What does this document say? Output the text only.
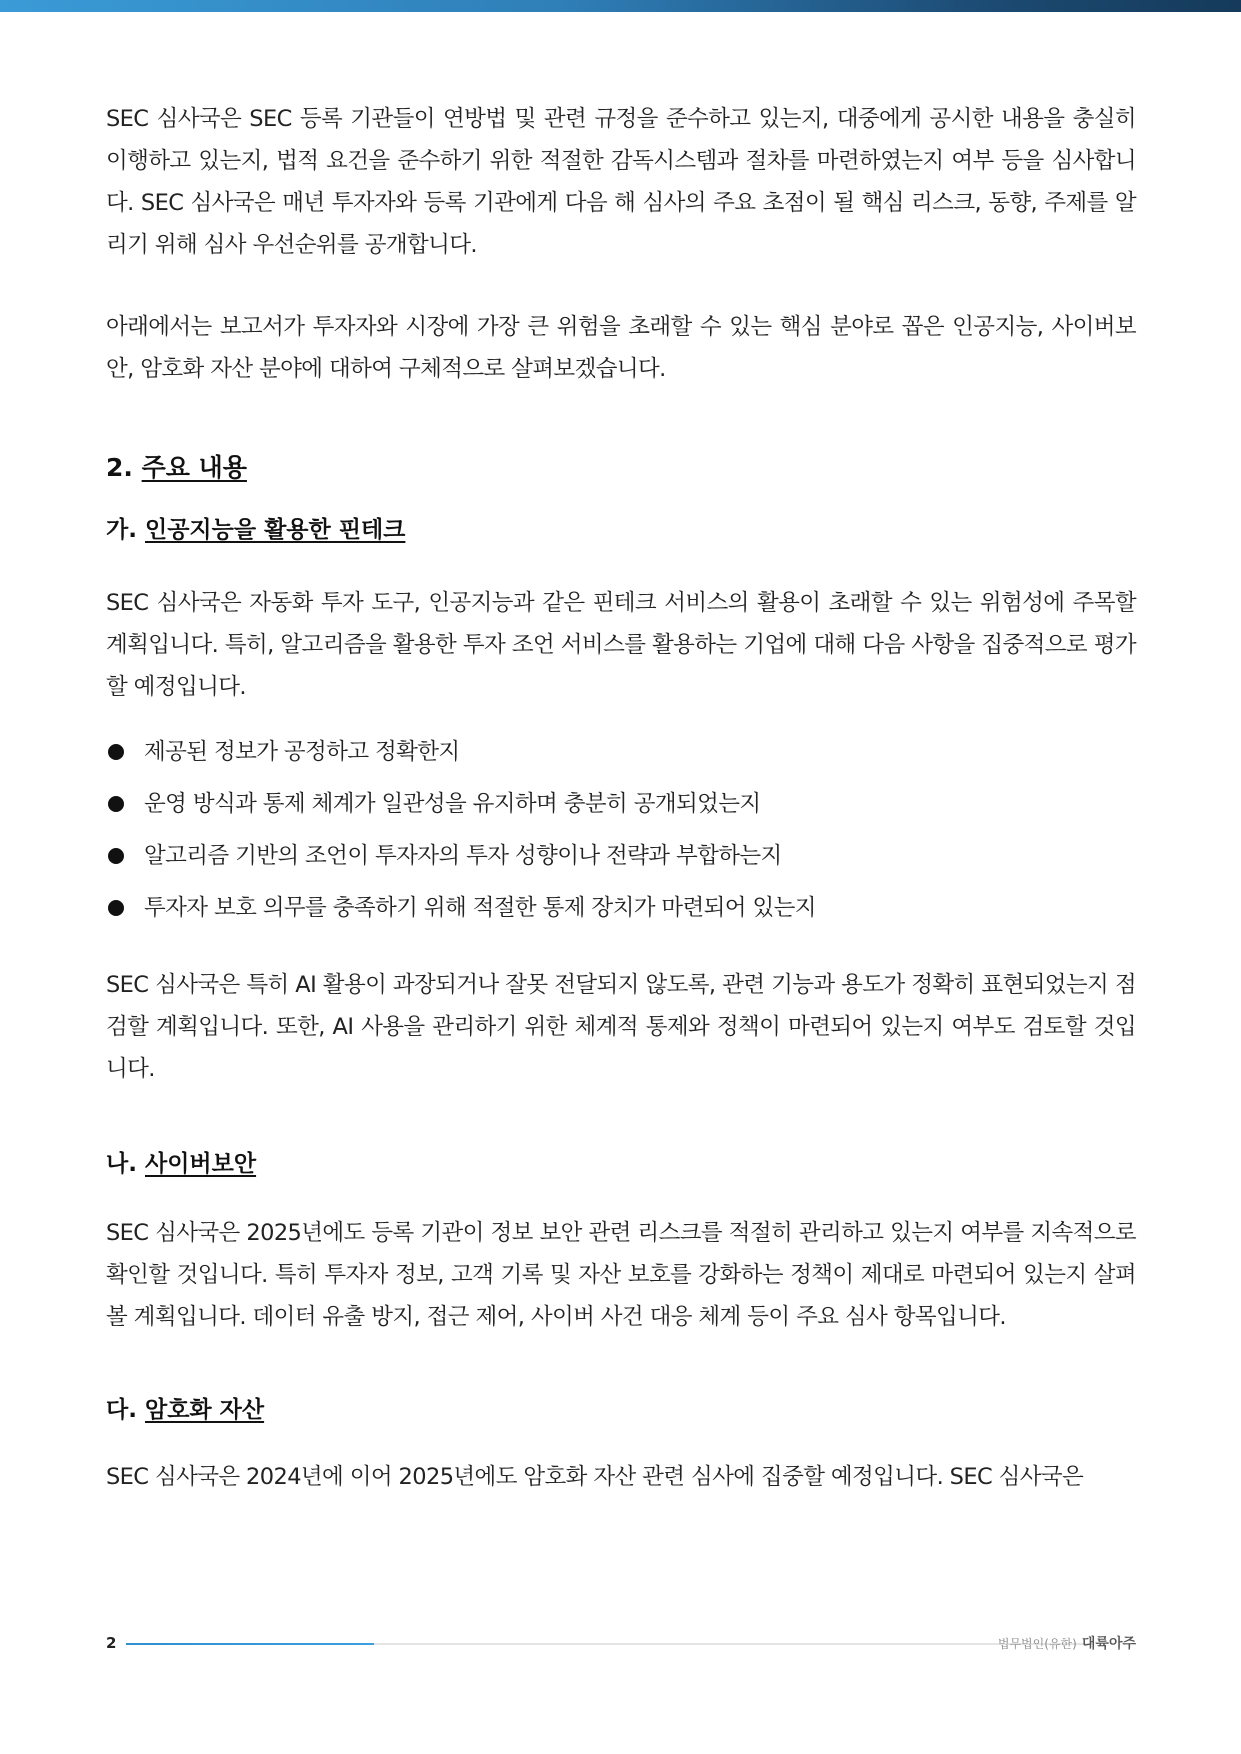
SEC 심사국은 SEC 등록 기관들이 연방법 및 관련 규정을 준수하고 있는지, 대중에게 공시한 내용을 충실히 이행하고 있는지, 법적 요건을 준수하기 위한 적절한 감독시스템과 절차를 마련하였는지 여부 등을 심사합니다. SEC 심사국은 매년 투자자와 등록 기관에게 다음 해 심사의 주요 초점이 될 핵심 리스크, 동향, 주제를 알리기 위해 심사 우선순위를 공개합니다.

아래에서는 보고서가 투자자와 시장에 가장 큰 위험을 초래할 수 있는 핵심 분야로 꼽은 인공지능, 사이버보안, 암호화 자산 분야에 대하여 구체적으로 살펴보겠습니다.

2. 주요 내용
가. 인공지능을 활용한 핀테크

SEC 심사국은 자동화 투자 도구, 인공지능과 같은 핀테크 서비스의 활용이 초래할 수 있는 위험성에 주목할 계획입니다. 특히, 알고리즘을 활용한 투자 조언 서비스를 활용하는 기업에 대해 다음 사항을 집중적으로 평가할 예정입니다.

제공된 정보가 공정하고 정확한지
운영 방식과 통제 체계가 일관성을 유지하며 충분히 공개되었는지
알고리즘 기반의 조언이 투자자의 투자 성향이나 전략과 부합하는지
투자자 보호 의무를 충족하기 위해 적절한 통제 장치가 마련되어 있는지

SEC 심사국은 특히 AI 활용이 과장되거나 잘못 전달되지 않도록, 관련 기능과 용도가 정확히 표현되었는지 점검할 계획입니다. 또한, AI 사용을 관리하기 위한 체계적 통제와 정책이 마련되어 있는지 여부도 검토할 것입니다.

나. 사이버보안

SEC 심사국은 2025년에도 등록 기관이 정보 보안 관련 리스크를 적절히 관리하고 있는지 여부를 지속적으로 확인할 것입니다. 특히 투자자 정보, 고객 기록 및 자산 보호를 강화하는 정책이 제대로 마련되어 있는지 살펴볼 계획입니다. 데이터 유출 방지, 접근 제어, 사이버 사건 대응 체계 등이 주요 심사 항목입니다.

다. 암호화 자산

SEC 심사국은 2024년에 이어 2025년에도 암호화 자산 관련 심사에 집중할 예정입니다. SEC 심사국은

2	법무법인(유한) 대륙아주
